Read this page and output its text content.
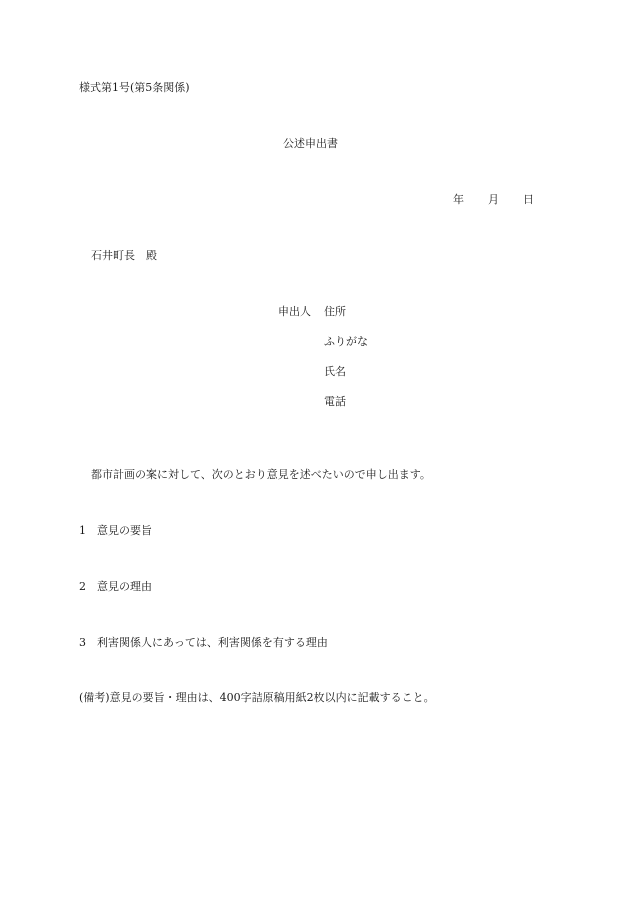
様式第1号(第5条関係)
公述申出書
年 月 日
石井町長　殿
申出人 住所
ふりがな
氏名
電話
都市計画の案に対して、次のとおり意見を述べたいので申し出ます。
1 意見の要旨
2 意見の理由
3 利害関係人にあっては、利害関係を有する理由
(備考)意見の要旨・理由は、400字詰原稿用紙2枚以内に記載すること。
